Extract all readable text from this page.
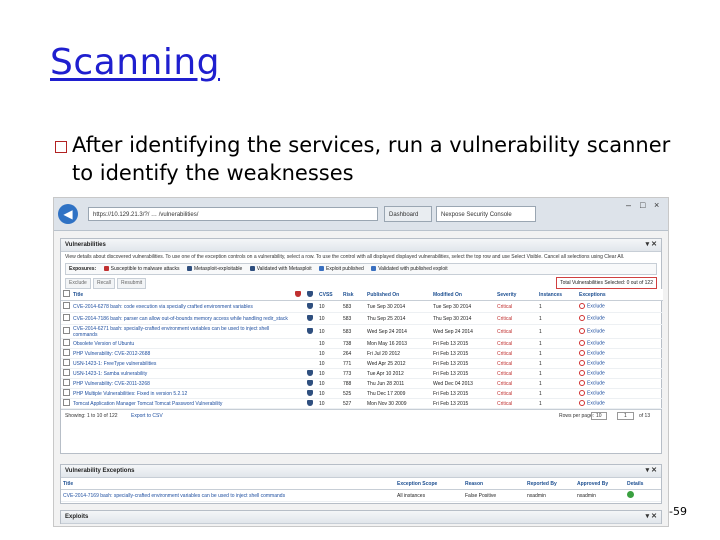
Scanning
After identifying the services, run a vulnerability scanner to identify the weaknesses
◀	https://10.129.21.3/?/ … /vulnerabilities/	Dashboard	Nexpose Security Console
– □ ×
Vulnerabilities	▾ ✕
View details about discovered vulnerabilities. To use one of the exception controls on a vulnerability, select a row. To use the control with all displayed displayed vulnerabilities, select the top row and use Select Visible. Cancel all selections using Clear All.
Exposures:	Susceptible to malware attacks	Metasploit-exploitable	Validated with Metasploit	Exploit published	Validated with published exploit
Exclude	Recall	Resubmit	Total Vulnerabilities Selected: 0 out of 122
	Title			CVSS	Risk	Published On	Modified On	Severity	Instances	Exceptions
	CVE-2014-6278 bash: code execution via specially crafted environment variables			10	583	Tue Sep 30 2014	Tue Sep 30 2014	Critical	1	Exclude
	CVE-2014-7186 bash: parser can allow out-of-bounds memory access while handling redir_stack			10	583	Thu Sep 25 2014	Thu Sep 30 2014	Critical	1	Exclude
	CVE-2014-6271 bash: specially-crafted environment variables can be used to inject shell commands			10	583	Wed Sep 24 2014	Wed Sep 24 2014	Critical	1	Exclude
	Obsolete Version of Ubuntu			10	738	Mon May 16 2013	Fri Feb 13 2015	Critical	1	Exclude
	PHP Vulnerability: CVE-2012-2688			10	264	Fri Jul 20 2012	Fri Feb 13 2015	Critical	1	Exclude
	USN-1423-1: FreeType vulnerabilities			10	771	Wed Apr 25 2012	Fri Feb 13 2015	Critical	1	Exclude
	USN-1423-1: Samba vulnerability			10	773	Tue Apr 10 2012	Fri Feb 13 2015	Critical	1	Exclude
	PHP Vulnerability: CVE-2011-3268			10	788	Thu Jun 28 2011	Wed Dec 04 2013	Critical	1	Exclude
	PHP Multiple Vulnerabilities: Fixed in version 5.2.12			10	525	Thu Dec 17 2009	Fri Feb 13 2015	Critical	1	Exclude
	Tomcat Application Manager Tomcat Tomcat Password Vulnerability			10	527	Mon Nov 30 2009	Fri Feb 13 2015	Critical	1	Exclude
Showing: 1 to 10 of 122	Export to CSV	Rows per page: 10	1	of 13
Vulnerability Exceptions	▾ ✕
Title	Exception Scope	Reason	Reported By	Approved By	Details
CVE-2014-7169 bash: specially-crafted environment variables can be used to inject shell commands	All instances	False Positive	nxadmin	nxadmin	
Exploits	▾ ✕ -59
